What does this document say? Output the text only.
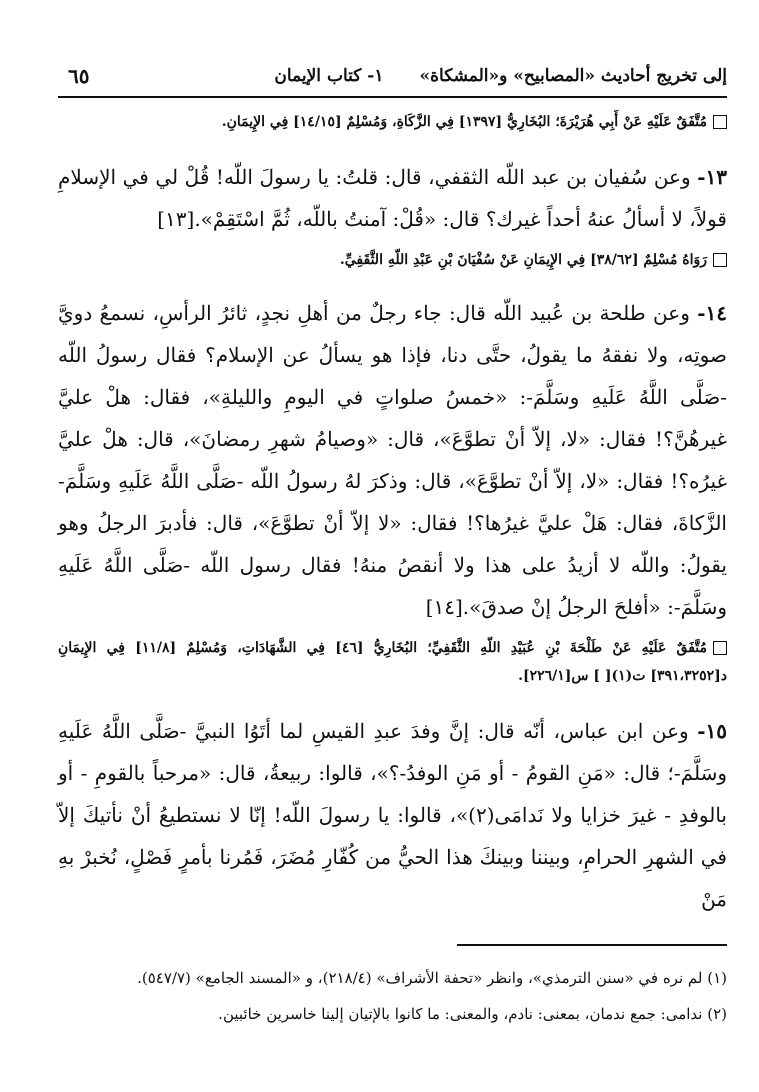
إلى تخريج أحاديث «المصابيح» و«المشكاة»
١- كتاب الإيمان
٦٥

مُتَّفَقٌ عَلَيْهِ عَنْ أَبِي هُرَيْرَةَ؛ البُخَارِيُّ [١٣٩٧] فِي الزَّكَاةِ، وَمُسْلِمٌ [١٤/١٥] فِي الإِيمَانِ.

١٣- وعن سُفيان بن عبد اللّه الثقفي، قال: قلتُ: يا رسولَ اللّه! قُلْ لي في الإسلامِ قولاً، لا أسألُ عنهُ أحداً غيرك؟ قال: «قُلْ: آمنتُ باللّه، ثُمَّ اسْتَقِمْ».[١٣]

رَوَاهُ مُسْلِمٌ [٣٨/٦٢] فِي الإِيمَانِ عَنْ سُفْيَانَ بْنِ عَبْدِ اللّهِ الثَّقَفِيِّ.

١٤- وعن طلحة بن عُبيد اللّه قال: جاء رجلٌ من أهلِ نجدٍ، ثائرُ الرأسِ، نسمعُ دويَّ صوتِه، ولا نفقهُ ما يقولُ، حتَّى دنا، فإذا هو يسألُ عن الإسلام؟ فقال رسولُ اللّه -صَلَّى اللَّهُ عَلَيهِ وسَلَّمَ-: «خمسُ صلواتٍ في اليومِ والليلةِ»، فقال: هلْ عليَّ غيرهُنَّ؟! فقال: «لا، إلاّ أنْ تطوَّعَ»، قال: «وصيامُ شهرِ رمضانَ»، قال: هلْ عليَّ غيرُه؟! فقال: «لا، إلاّ أنْ تطوَّعَ»، قال: وذكرَ لهُ رسولُ اللّه -صَلَّى اللَّهُ عَلَيهِ وسَلَّمَ- الزَّكاةَ، فقال: هَلْ عليَّ غيرُها؟! فقال: «لا إلاّ أنْ تطوَّعَ»، قال: فأدبرَ الرجلُ وهو يقولُ: واللّه لا أزيدُ على هذا ولا أنقصُ منهُ! فقال رسول اللّه -صَلَّى اللَّهُ عَلَيهِ وسَلَّمَ-: «أفلحَ الرجلُ إنْ صدقَ».[١٤]

مُتَّفَقٌ عَلَيْهِ عَنْ طَلْحَةَ بْنِ عُبَيْدِ اللّهِ الثَّقَفِيِّ؛ البُخَارِيُّ [٤٦] فِي الشَّهَادَاتِ، وَمُسْلِمٌ [١١/٨] فِي الإِيمَانِ د[٣٩١،٣٢٥٢] ت(١)[ ] س[٢٢٦/١].

١٥- وعن ابن عباس، أنّه قال: إنَّ وفدَ عبدِ القيسِ لما أتَوُا النبيَّ -صَلَّى اللَّهُ عَلَيهِ وسَلَّمَ-؛ قال: «مَنِ القومُ - أو مَنِ الوفدُ-؟»، قالوا: ربيعةُ، قال: «مرحباً بالقومِ - أو بالوفدِ - غيرَ خزايا ولا نَدامَى(٢)»، قالوا: يا رسولَ اللّه! إنّا لا نستطيعُ أنْ نأتيكَ إلاّ في الشهرِ الحرامِ، وبيننا وبينكَ هذا الحيُّ من كُفّارِ مُضَرَ، فَمُرنا بأمرٍ فَصْلٍ، نُخبرْ بهِ مَنْ

(١) لم نره في «سنن الترمذي»، وانظر «تحفة الأشراف» (٢١٨/٤)، و «المسند الجامع» (٥٤٧/٧).

(٢) ندامى: جمع ندمان، بمعنى: نادم، والمعنى: ما كانوا بالإتيان إلينا خاسرين خائبين.
